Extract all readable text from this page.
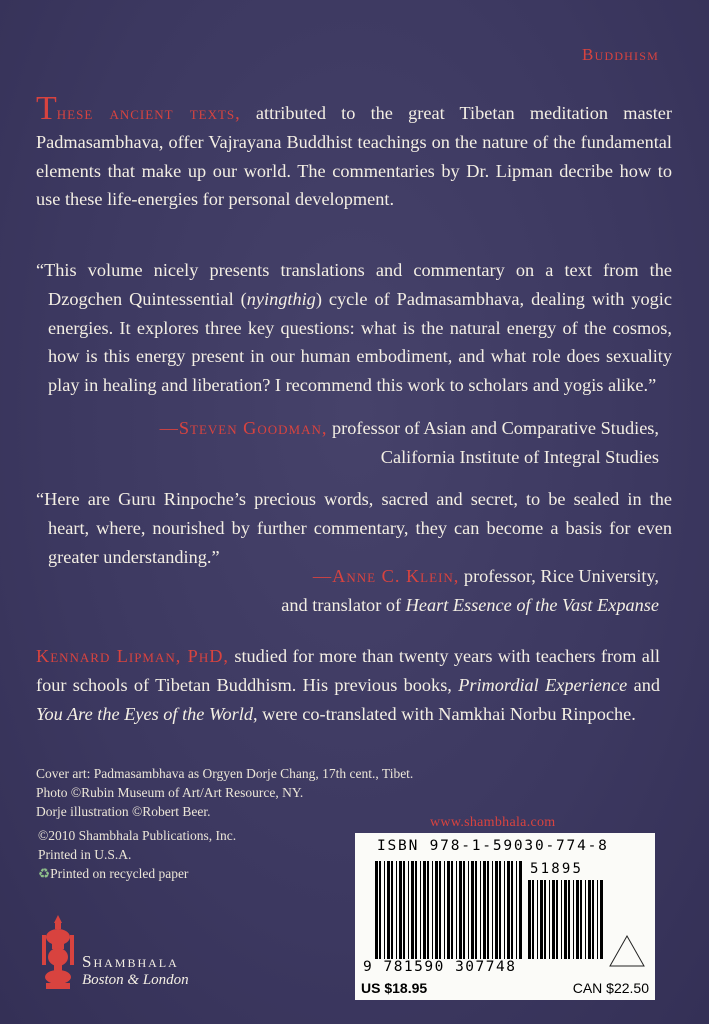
Buddhism
These ancient texts, attributed to the great Tibetan meditation master Padmasambhava, offer Vajrayana Buddhist teachings on the nature of the fundamental elements that make up our world. The commentaries by Dr. Lipman decribe how to use these life-energies for personal development.
“This volume nicely presents translations and commentary on a text from the Dzogchen Quintessential (nyingthig) cycle of Padmasambhava, dealing with yogic energies. It explores three key questions: what is the natural energy of the cosmos, how is this energy present in our human embodiment, and what role does sexuality play in healing and liberation? I recommend this work to scholars and yogis alike.”
—Steven Goodman, professor of Asian and Comparative Studies,
California Institute of Integral Studies
“Here are Guru Rinpoche’s precious words, sacred and secret, to be sealed in the heart, where, nourished by further commentary, they can become a basis for even greater understanding.”
—Anne C. Klein, professor, Rice University,
and translator of Heart Essence of the Vast Expanse
Kennard Lipman, PhD, studied for more than twenty years with teachers from all four schools of Tibetan Buddhism. His previous books, Primordial Experience and You Are the Eyes of the World, were co-translated with Namkhai Norbu Rinpoche.
Cover art: Padmasambhava as Orgyen Dorje Chang, 17th cent., Tibet.
Photo ©Rubin Museum of Art/Art Resource, NY.
Dorje illustration ©Robert Beer.
©2010 Shambhala Publications, Inc.
Printed in U.S.A.
♻Printed on recycled paper
www.shambhala.com
ISBN 978-1-59030-774-8
51895
9 781590 307748
US $18.95	CAN $22.50
Shambhala
Boston & London
